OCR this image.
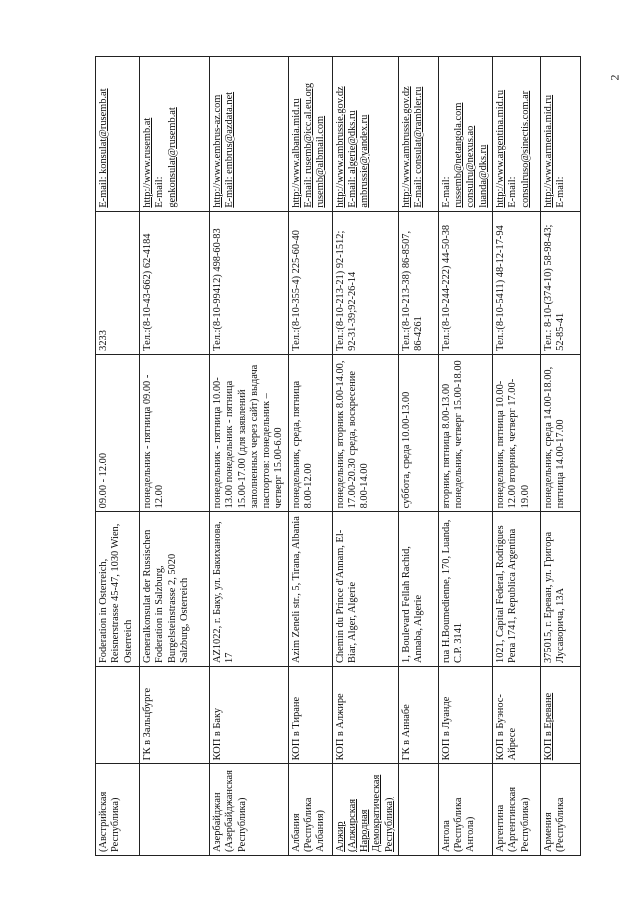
2
(Австрийская Республика)		Foderation in Osterreich, Reisnerstrasse 45-47, 1030 Wien, Osterreich	09.00 - 12.00	3233	E-mail: konsulat@rusemb.at

	ГК в Зальцбурге	Generalkonsulat der Russischen Foderation in Salzburg, Burgelsteinstrasse 2, 5020 Salzburg, Osterreich	понедельник - пятница 09.00 - 12.00	Тел.:(8-10-43-662) 62-4184	http://www.rusemb.at E-mail: genkonsulat@rusemb.at

Азербайджан (Азербайджанская Республика)	КОП в Баку	AZ1022, г. Баку, ул. Бакиханова, 17	понедельник - пятница 10.00-13.00 понедельник - пятница 15.00-17.00 (для заявлений заполненных через сайт) выдача паспортов: понедельник – четверг 15.00-6.00	Тел.:(8-10-99412) 498-60-83	http://www.embrus-az.com E-mail: embrus@azdata.net

Албания (Республика Албания)	КОП в Тиране	Azim Zenelі str., 5, Tirana, Albania	понедельник, среда, пятница 8.00-12.00	Тел.:(8-10-355-4) 225-60-40	http://www.albania.mid.ru E-mail: rusemb@icc.al.eu.org rusemb@albmail.com

Алжир (Алжирская Народная Демократическая Республика)	КОП в Алжире	Chemin du Prince d'Annam, El-Biar, Alger, Algerie	понедельник, вторник 8.00-14.00, 17.00-20.30 среда, воскресение 8.00-14.00	Тел.:(8-10-213-21) 92-1512; 92-31-39;92-26-14	http://www.ambrussie.gov.dz E-mail: algerie@dks.ru ambrussie@yandex.ru

	ГК в Аннабе	1, Boulevard Fellah Rachid, Annaba, Algerie	суббота, среда 10.00-13.00	Тел.:(8-10-213-38) 86-8507, 86-4261	http://www.ambrussie.gov.dz E-mail: consulat@rambler.ru

Ангола (Республика Ангола)	КОП в Луанде	rua H.Boumedienne, 170, Luanda, C.P. 3141	вторник, пятница 8.00-13.00 понедельник, четверг 15.00-18.00	Тел.:(8-10-244-222) 44-50-38	E-mail: russemb@netangola.com consulru@nexus.ao luanda@dks.ru

Аргентина (Аргентинская Республика)	КОП в Буэнос-Айресе	1021, Capital Federal, Rodrigues Pena 1741, Republica Argentina	понедельник, пятница 10.00-12.00 вторник, четверг 17.00-19.00	Тел.:(8-10-5411) 48-12-17-94	http://www.argentina.mid.ru E-mail: consulruso@sinectis.com.ar

Армения (Республика	КОП в Ереване	375015, г. Ереван, ул. Григора Лусаворича, 13А	понедельник, среда 14.00-18.00, пятница 14.00-17.00	Тел.: 8-10-(374-10) 58-98-43; 52-85-41	http://www.armenia.mid.ru E-mail:
